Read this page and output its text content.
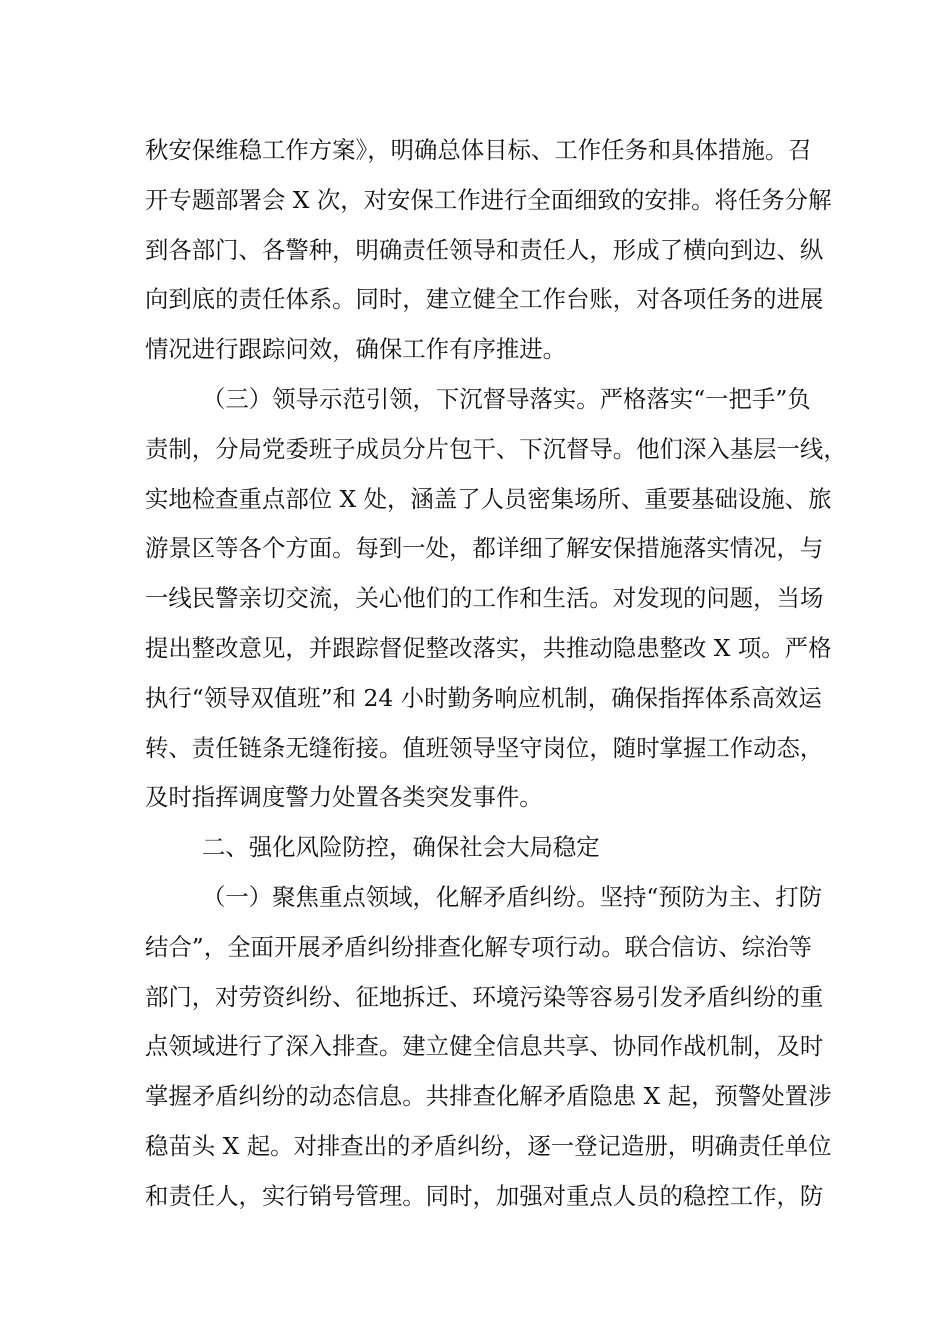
秋安保维稳工作方案》，明确总体目标、工作任务和具体措施。召
开专题部署会 X 次，对安保工作进行全面细致的安排。将任务分解
到各部门、各警种，明确责任领导和责任人，形成了横向到边、纵
向到底的责任体系。同时，建立健全工作台账，对各项任务的进展
情况进行跟踪问效，确保工作有序推进。
（三）领导示范引领，下沉督导落实。严格落实“一把手”负
责制，分局党委班子成员分片包干、下沉督导。他们深入基层一线，
实地检查重点部位 X 处，涵盖了人员密集场所、重要基础设施、旅
游景区等各个方面。每到一处，都详细了解安保措施落实情况，与
一线民警亲切交流，关心他们的工作和生活。对发现的问题，当场
提出整改意见，并跟踪督促整改落实，共推动隐患整改 X 项。严格
执行“领导双值班”和 24 小时勤务响应机制，确保指挥体系高效运
转、责任链条无缝衔接。值班领导坚守岗位，随时掌握工作动态，
及时指挥调度警力处置各类突发事件。
二、强化风险防控，确保社会大局稳定
（一）聚焦重点领域，化解矛盾纠纷。坚持“预防为主、打防
结合”，全面开展矛盾纠纷排查化解专项行动。联合信访、综治等
部门，对劳资纠纷、征地拆迁、环境污染等容易引发矛盾纠纷的重
点领域进行了深入排查。建立健全信息共享、协同作战机制，及时
掌握矛盾纠纷的动态信息。共排查化解矛盾隐患 X 起，预警处置涉
稳苗头 X 起。对排查出的矛盾纠纷，逐一登记造册，明确责任单位
和责任人，实行销号管理。同时，加强对重点人员的稳控工作，防
